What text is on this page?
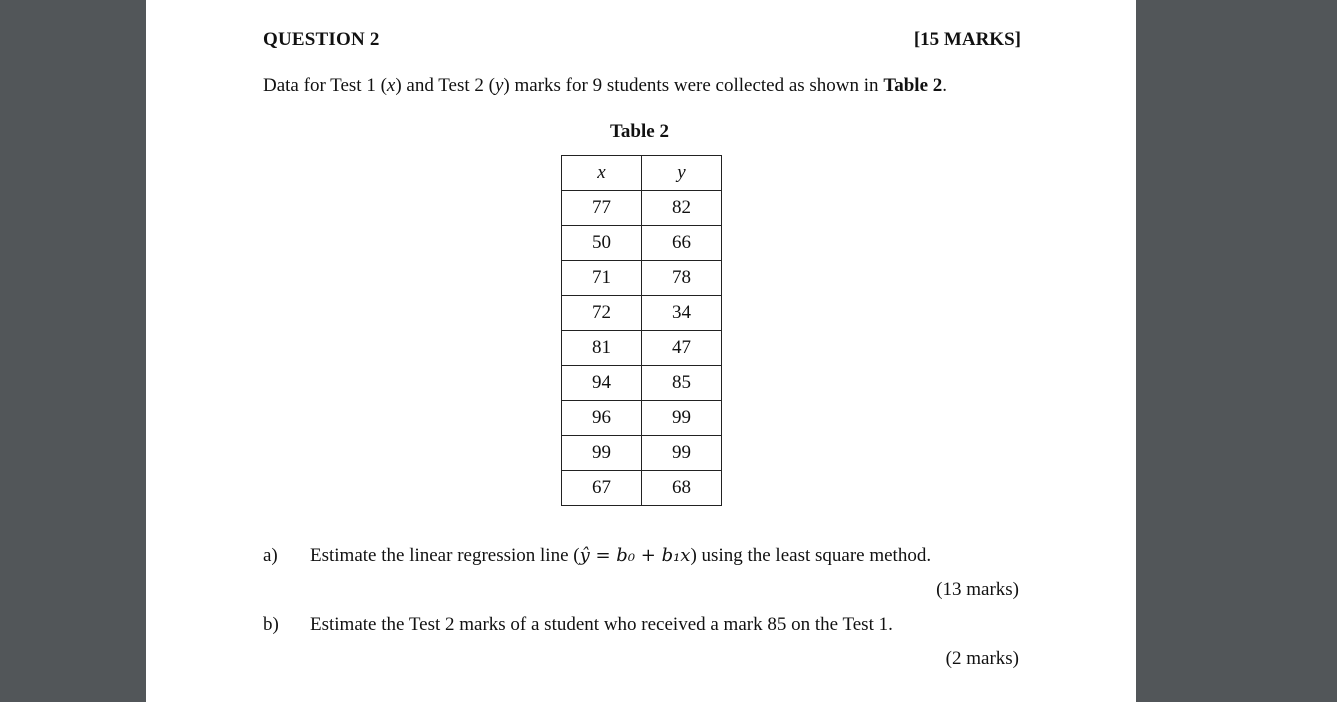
QUESTION 2	[15 MARKS]
Data for Test 1 (x) and Test 2 (y) marks for 9 students were collected as shown in Table 2.
Table 2
x	y
77	82
50	66
71	78
72	34
81	47
94	85
96	99
99	99
67	68
a) Estimate the linear regression line (ŷ = b₀ + b₁x) using the least square method.
(13 marks)
b) Estimate the Test 2 marks of a student who received a mark 85 on the Test 1.
(2 marks)
